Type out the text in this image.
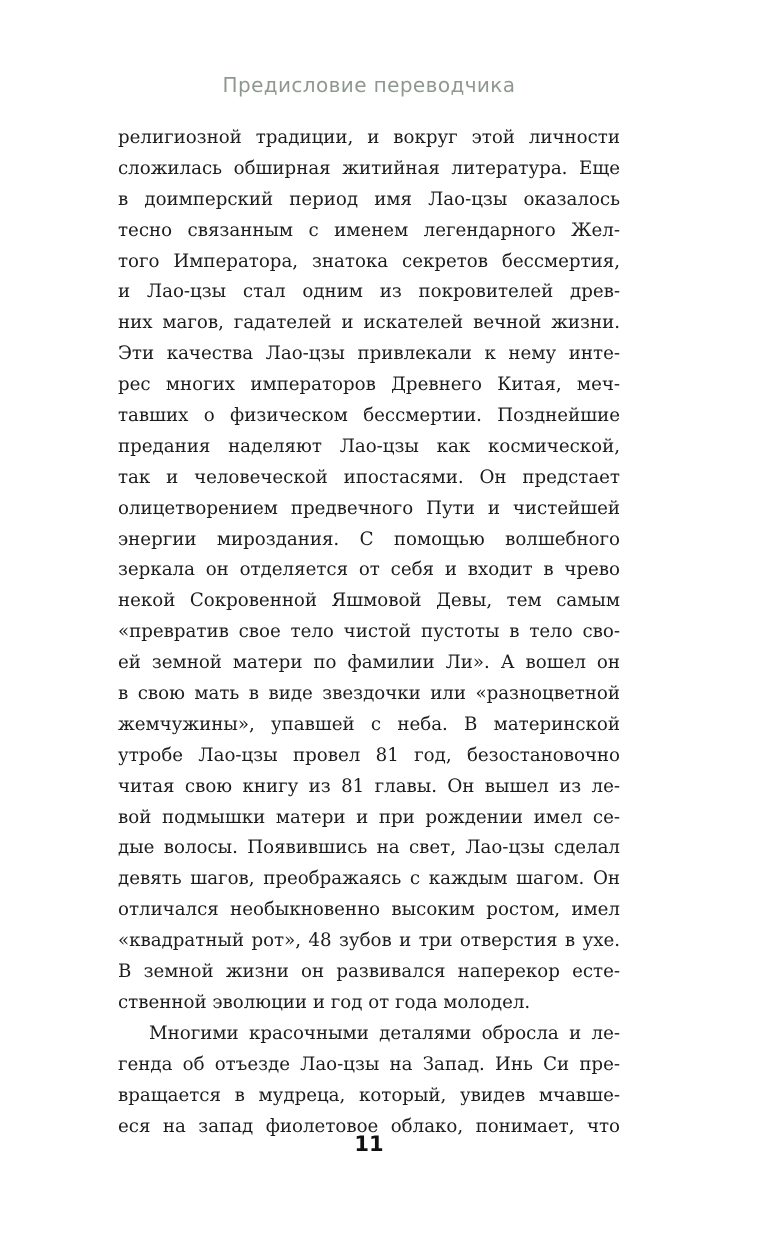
Предисловие переводчика
религиозной традиции, и вокруг этой личности
сложилась обширная житийная литература. Еще
в доимперский период имя Лао-цзы оказалось
тесно связанным с именем легендарного Жел-
того Императора, знатока секретов бессмертия,
и Лао-цзы стал одним из покровителей древ-
них магов, гадателей и искателей вечной жизни.
Эти качества Лао-цзы привлекали к нему инте-
рес многих императоров Древнего Китая, меч-
тавших о физическом бессмертии. Позднейшие
предания наделяют Лао-цзы как космической,
так и человеческой ипостасями. Он предстает
олицетворением предвечного Пути и чистейшей
энергии мироздания. С помощью волшебного
зеркала он отделяется от себя и входит в чрево
некой Сокровенной Яшмовой Девы, тем самым
«превратив свое тело чистой пустоты в тело сво-
ей земной матери по фамилии Ли». А вошел он
в свою мать в виде звездочки или «разноцветной
жемчужины», упавшей с неба. В материнской
утробе Лао-цзы провел 81 год, безостановочно
читая свою книгу из 81 главы. Он вышел из ле-
вой подмышки матери и при рождении имел се-
дые волосы. Появившись на свет, Лао-цзы сделал
девять шагов, преображаясь с каждым шагом. Он
отличался необыкновенно высоким ростом, имел
«квадратный рот», 48 зубов и три отверстия в ухе.
В земной жизни он развивался наперекор есте-
ственной эволюции и год от года молодел.
Многими красочными деталями обросла и ле-
генда об отъезде Лао-цзы на Запад. Инь Си пре-
вращается в мудреца, который, увидев мчавше-
еся на запад фиолетовое облако, понимает, что
11
